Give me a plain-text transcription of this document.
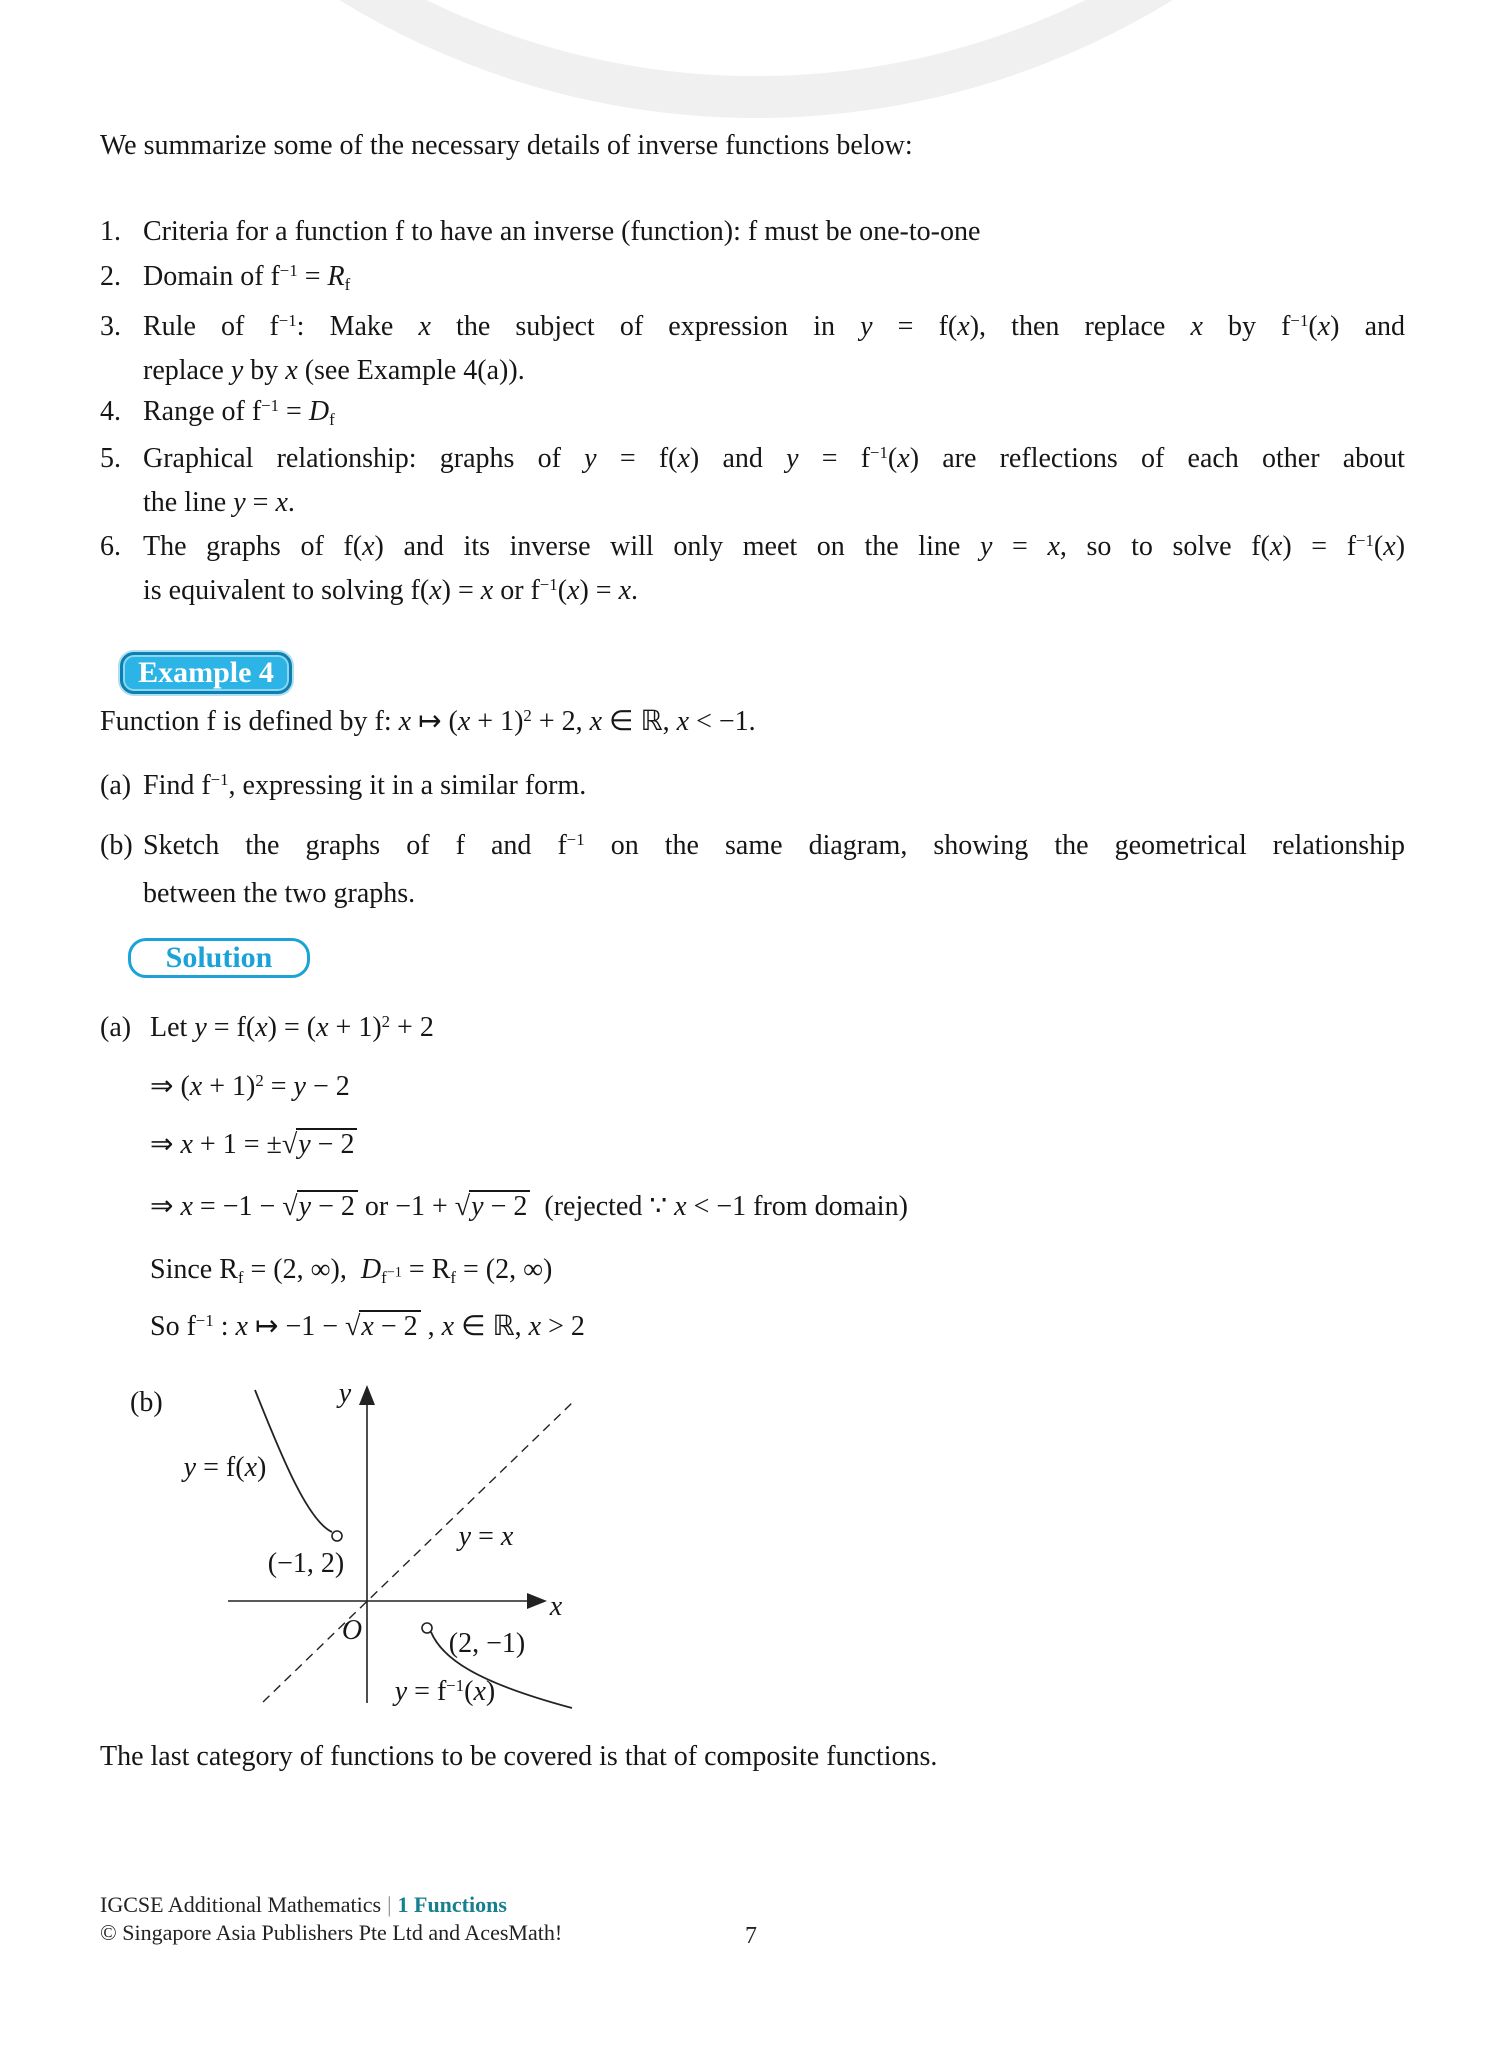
We summarize some of the necessary details of inverse functions below:
1. Criteria for a function f to have an inverse (function): f must be one-to-one
2. Domain of $f^{-1} = R_f$
3. Rule of $f^{-1}$: Make x the subject of expression in y = f(x), then replace x by $f^{-1}(x)$ and
replace y by x (see Example 4(a)).
4. Range of $f^{-1} = D_f$
5. Graphical relationship: graphs of y = f(x) and $y = f^{-1}(x)$ are reflections of each other about
the line y = x.
6. The graphs of f(x) and its inverse will only meet on the line y = x, so to solve $f(x) = f^{-1}(x)$
is equivalent to solving f(x) = x or $f^{-1}(x) = x$.
Example 4
Function f is defined by f: x ↦ $(x + 1)^2 + 2$, x ∈ ℝ, x < −1.
(a) Find $f^{-1}$, expressing it in a similar form.
(b) Sketch the graphs of f and $f^{-1}$ on the same diagram, showing the geometrical relationship
between the two graphs.
Solution
(a) Let $y = f(x) = (x + 1)^2 + 2$
⇒ $(x + 1)^2 = y - 2$
⇒ x + 1 = ±√y − 2
⇒ x = −1 − √y − 2 or −1 + √y − 2  (rejected ∵ x < −1 from domain)
Since $R_f = (2$, ∞),  $D_{f^{-1}} = R_f = (2$, ∞)
So $f^{-1}$ : x ↦ −1 − √x − 2 , x ∈ ℝ, x > 2
(b)	y
x
O
y = f(x)
(−1, 2)
y = x
(2, −1)
$y = f^{-1}(x)$
The last category of functions to be covered is that of composite functions.
IGCSE Additional Mathematics | 1 Functions
© Singapore Asia Publishers Pte Ltd and AcesMath!	7
